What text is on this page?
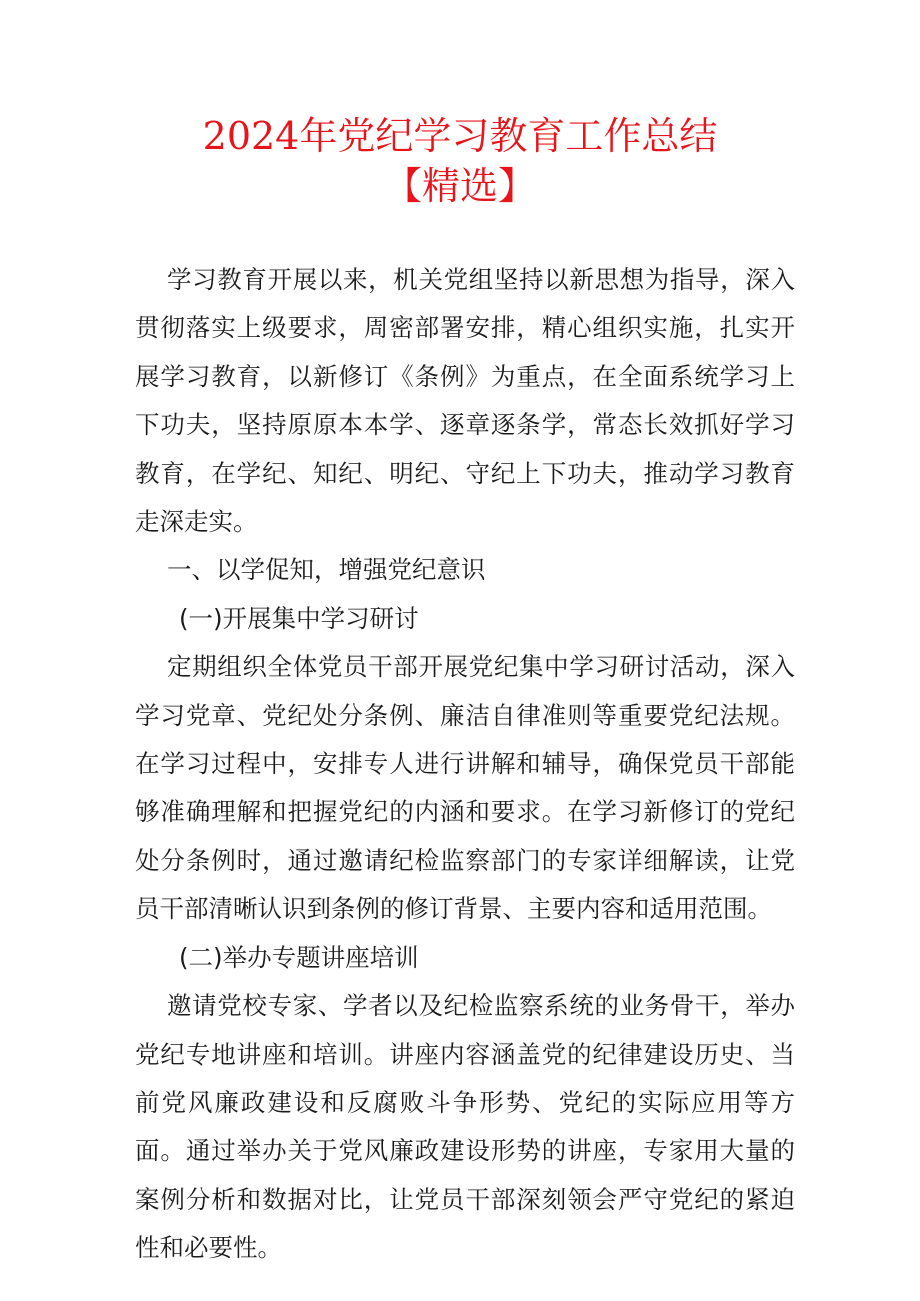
2024年党纪学习教育工作总结
【精选】

学习教育开展以来，机关党组坚持以新思想为指导，深入贯彻落实上级要求，周密部署安排，精心组织实施，扎实开展学习教育，以新修订《条例》为重点，在全面系统学习上下功夫，坚持原原本本学、逐章逐条学，常态长效抓好学习教育，在学纪、知纪、明纪、守纪上下功夫，推动学习教育走深走实。

一、以学促知，增强党纪意识

(一)开展集中学习研讨

定期组织全体党员干部开展党纪集中学习研讨活动，深入学习党章、党纪处分条例、廉洁自律准则等重要党纪法规。在学习过程中，安排专人进行讲解和辅导，确保党员干部能够准确理解和把握党纪的内涵和要求。在学习新修订的党纪处分条例时，通过邀请纪检监察部门的专家详细解读，让党员干部清晰认识到条例的修订背景、主要内容和适用范围。

(二)举办专题讲座培训

邀请党校专家、学者以及纪检监察系统的业务骨干，举办党纪专地讲座和培训。讲座内容涵盖党的纪律建设历史、当前党风廉政建设和反腐败斗争形势、党纪的实际应用等方面。通过举办关于党风廉政建设形势的讲座，专家用大量的案例分析和数据对比，让党员干部深刻领会严守党纪的紧迫性和必要性。
